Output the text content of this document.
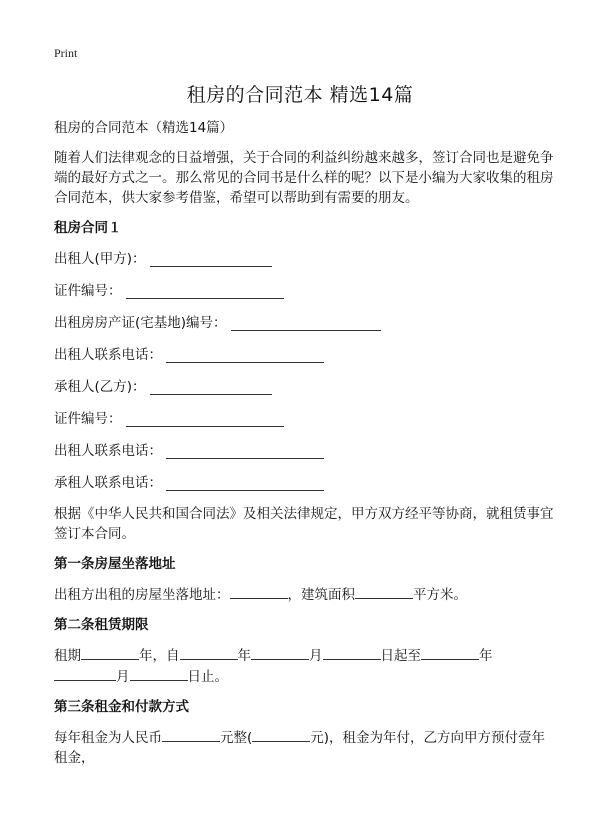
Print
租房的合同范本 精选14篇

租房的合同范本（精选14篇）

随着人们法律观念的日益增强，关于合同的利益纠纷越来越多，签订合同也是避免争端的最好方式之一。那么常见的合同书是什么样的呢？以下是小编为大家收集的租房合同范本，供大家参考借鉴，希望可以帮助到有需要的朋友。

租房合同１
出租人(甲方)：
证件编号：
出租房房产证(宅基地)编号：
出租人联系电话：
承租人(乙方)：
证件编号：
出租人联系电话：
承租人联系电话：

根据《中华人民共和国合同法》及相关法律规定，甲方双方经平等协商，就租赁事宜签订本合同。

第一条房屋坐落地址

出租方出租的房屋坐落地址：	，建筑面积	平方米。

第二条租赁期限

租期	年，自	年	月	日起至	年
月	日止。

第三条租金和付款方式

每年租金为人民币	元整(	元)，租金为年付，乙方向甲方预付壹年租金，
